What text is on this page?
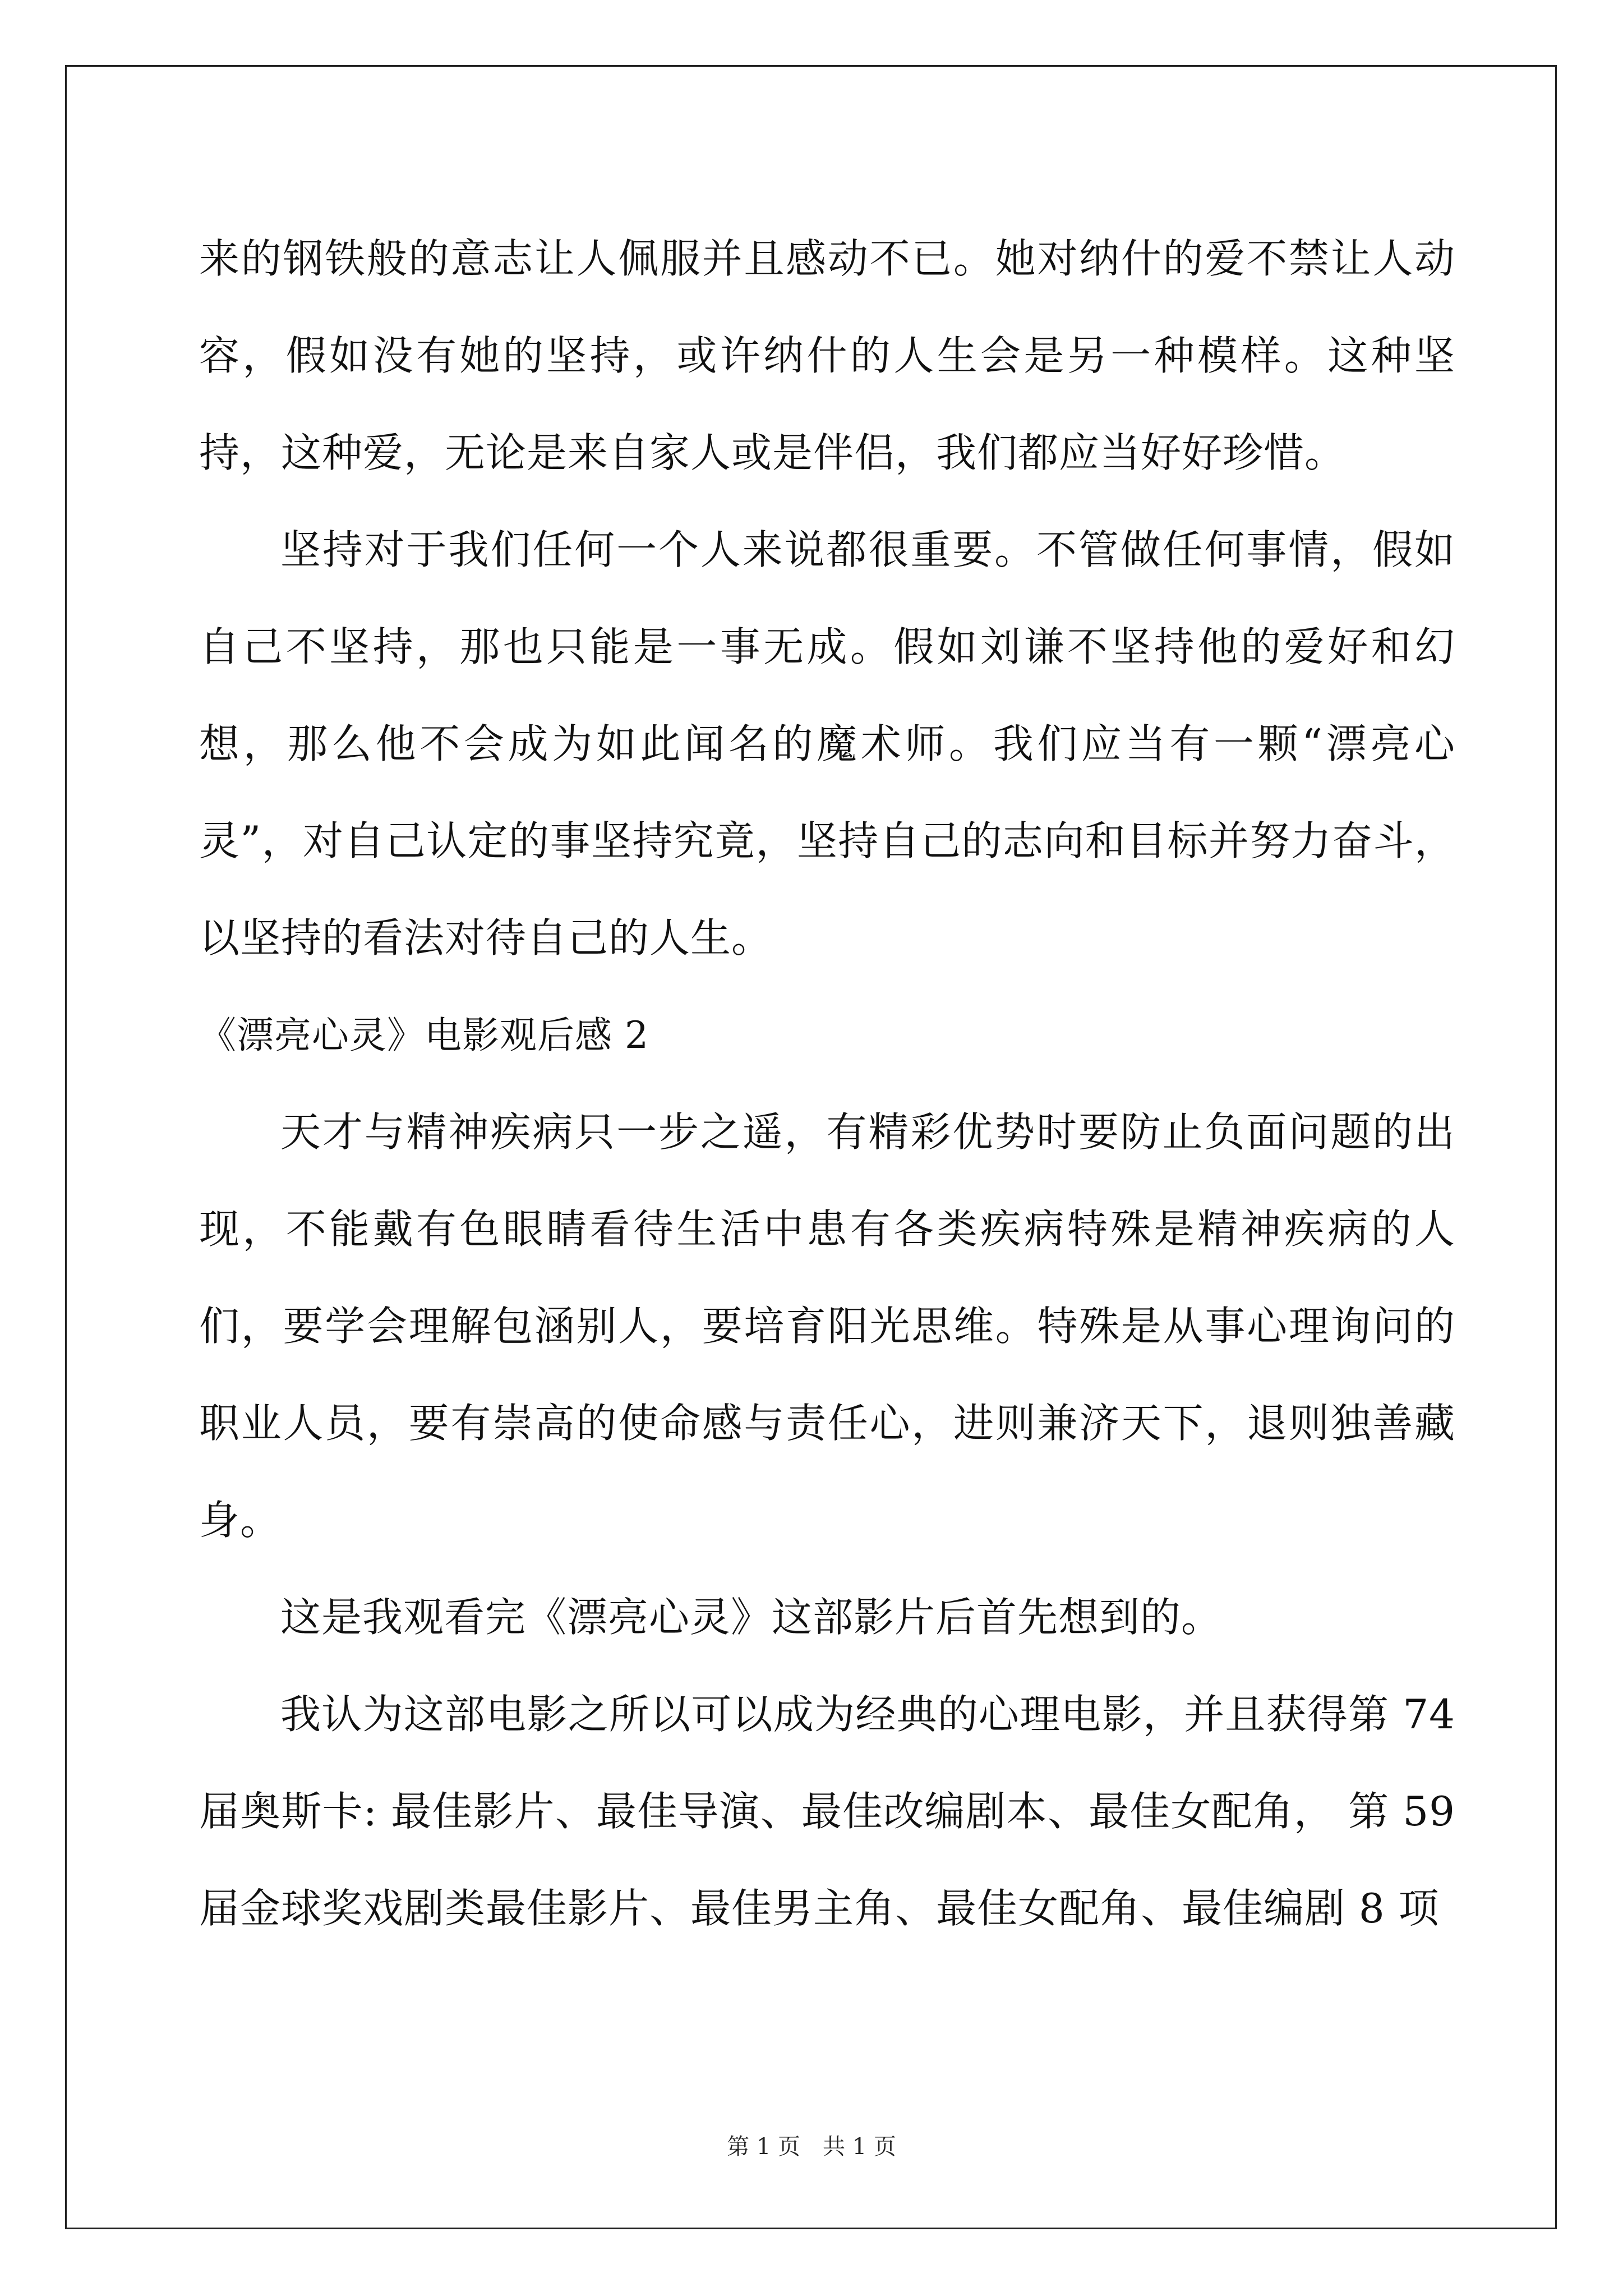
来的钢铁般的意志让人佩服并且感动不已。她对纳什的爱不禁让人动容，假如没有她的坚持，或许纳什的人生会是另一种模样。这种坚持，这种爱，无论是来自家人或是伴侣，我们都应当好好珍惜。

坚持对于我们任何一个人来说都很重要。不管做任何事情，假如自己不坚持，那也只能是一事无成。假如刘谦不坚持他的爱好和幻想，那么他不会成为如此闻名的魔术师。我们应当有一颗“漂亮心灵”，对自己认定的事坚持究竟，坚持自己的志向和目标并努力奋斗，以坚持的看法对待自己的人生。

《漂亮心灵》电影观后感 2

天才与精神疾病只一步之遥，有精彩优势时要防止负面问题的出现，不能戴有色眼睛看待生活中患有各类疾病特殊是精神疾病的人们，要学会理解包涵别人，要培育阳光思维。特殊是从事心理询问的职业人员，要有崇高的使命感与责任心，进则兼济天下，退则独善藏身。

这是我观看完《漂亮心灵》这部影片后首先想到的。

我认为这部电影之所以可以成为经典的心理电影，并且获得第 74 届奥斯卡: 最佳影片、最佳导演、最佳改编剧本、最佳女配角， 第 59 届金球奖戏剧类最佳影片、最佳男主角、最佳女配角、最佳编剧 8 项

第 1 页 共 1 页
